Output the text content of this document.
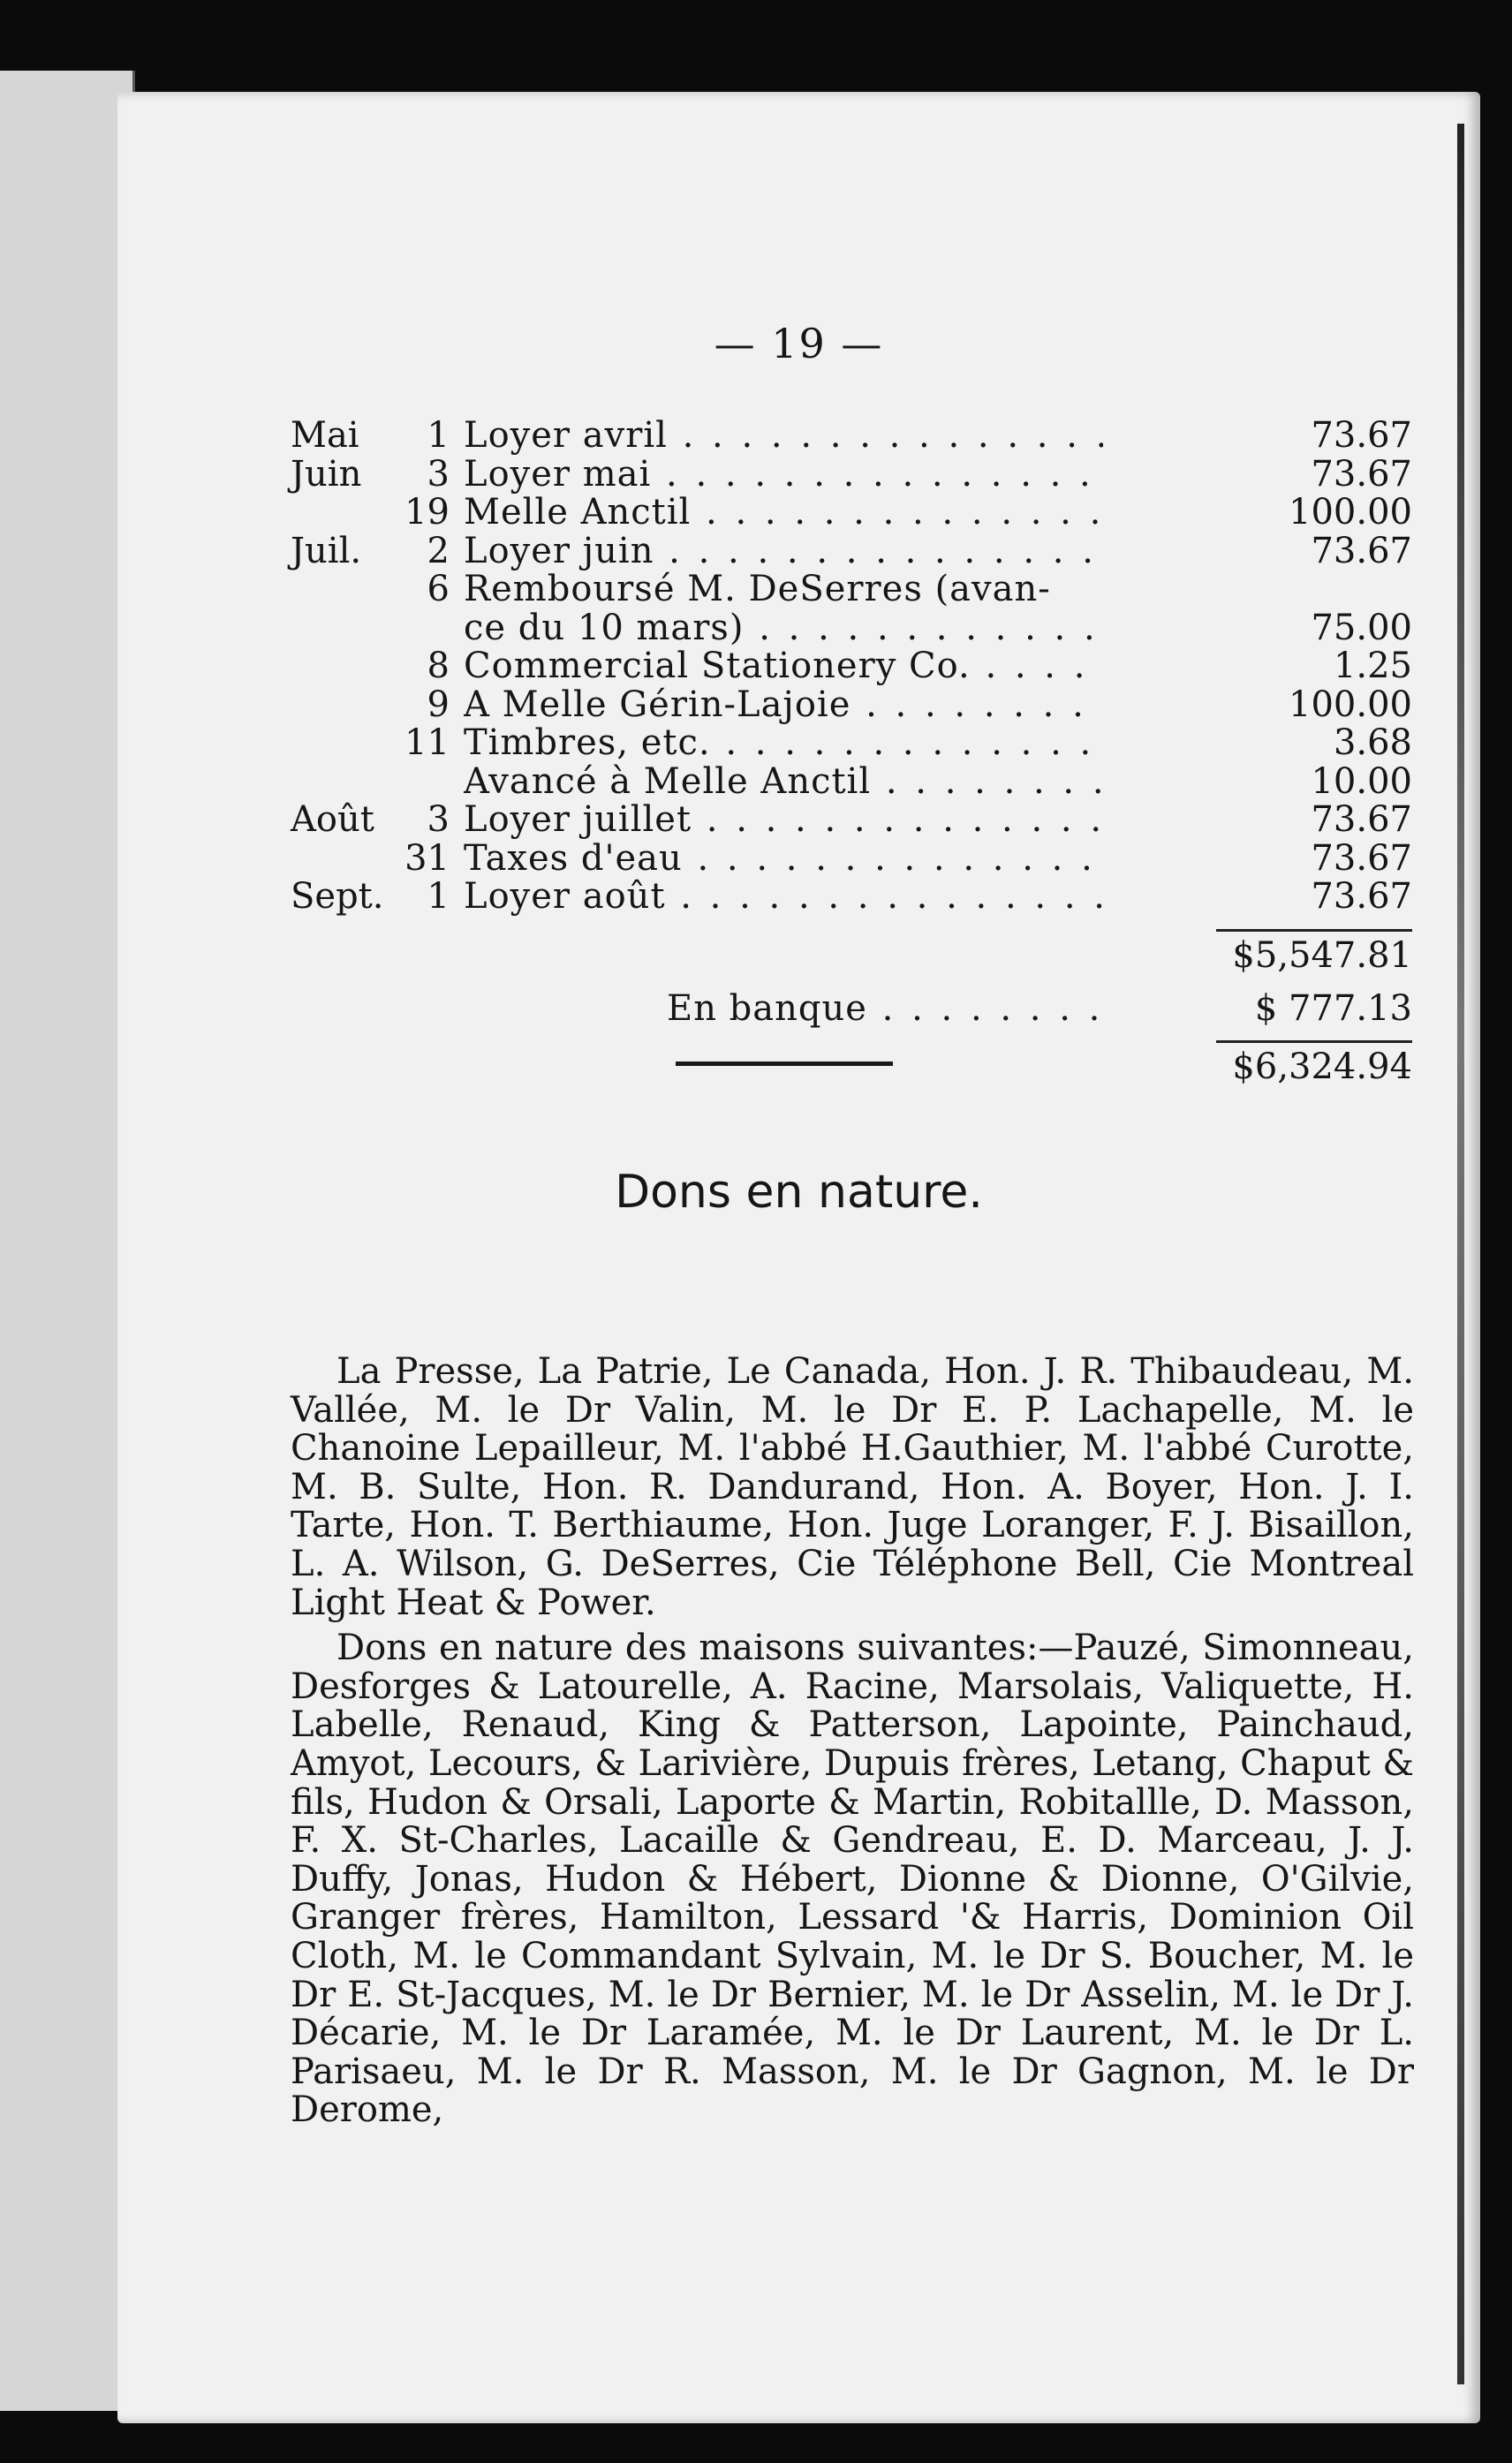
— 19 —
Mai	1 Loyer avril . . .	73.67
Juin	3 Loyer mai . . .	73.67
19 Melle Anctil . . .	100.00
Juil.	2 Loyer juin . . .	73.67
6 Remboursé M. DeSerres (avan-
ce du 10 mars) . . .	75.00
8 Commercial Stationery Co. . . .	1.25
9 A Melle Gérin-Lajoie . . .	100.00
11 Timbres, etc. . . .	3.68
Avancé à Melle Anctil . . .	10.00
Août	3 Loyer juillet . . .	73.67
31 Taxes d'eau . . .	73.67
Sept.	1 Loyer août . . .	73.67
$5,547.81
En banque . . .	$ 777.13
$6,324.94
Dons en nature.

La Presse, La Patrie, Le Canada, Hon. J. R. Thibaudeau, M. Vallée, M. le Dr Valin, M. le Dr E. P. Lachapelle, M. le Chanoine Lepailleur, M. l'abbé H.Gauthier, M. l'abbé Curotte, M. B. Sulte, Hon. R. Dandurand, Hon. A. Boyer, Hon. J. I. Tarte, Hon. T. Berthiaume, Hon. Juge Loranger, F. J. Bisaillon, L. A. Wilson, G. DeSerres, Cie Téléphone Bell, Cie Montreal Light Heat & Power.

Dons en nature des maisons suivantes:—Pauzé, Simonneau, Desforges & Latourelle, A. Racine, Marsolais, Valiquette, H. Labelle, Renaud, King & Patterson, Lapointe, Painchaud, Amyot, Lecours, & Larivière, Dupuis frères, Letang, Chaput & fils, Hudon & Orsali, Laporte & Martin, Robitallle, D. Masson, F. X. St-Charles, Lacaille & Gendreau, E. D. Marceau, J. J. Duffy, Jonas, Hudon & Hébert, Dionne & Dionne, O'Gilvie, Granger frères, Hamilton, Lessard '& Harris, Dominion Oil Cloth, M. le Commandant Sylvain, M. le Dr S. Boucher, M. le Dr E. St-Jacques, M. le Dr Bernier, M. le Dr Asselin, M. le Dr J. Décarie, M. le Dr Laramée, M. le Dr Laurent, M. le Dr L. Parisaeu, M. le Dr R. Masson, M. le Dr Gagnon, M. le Dr Derome,
